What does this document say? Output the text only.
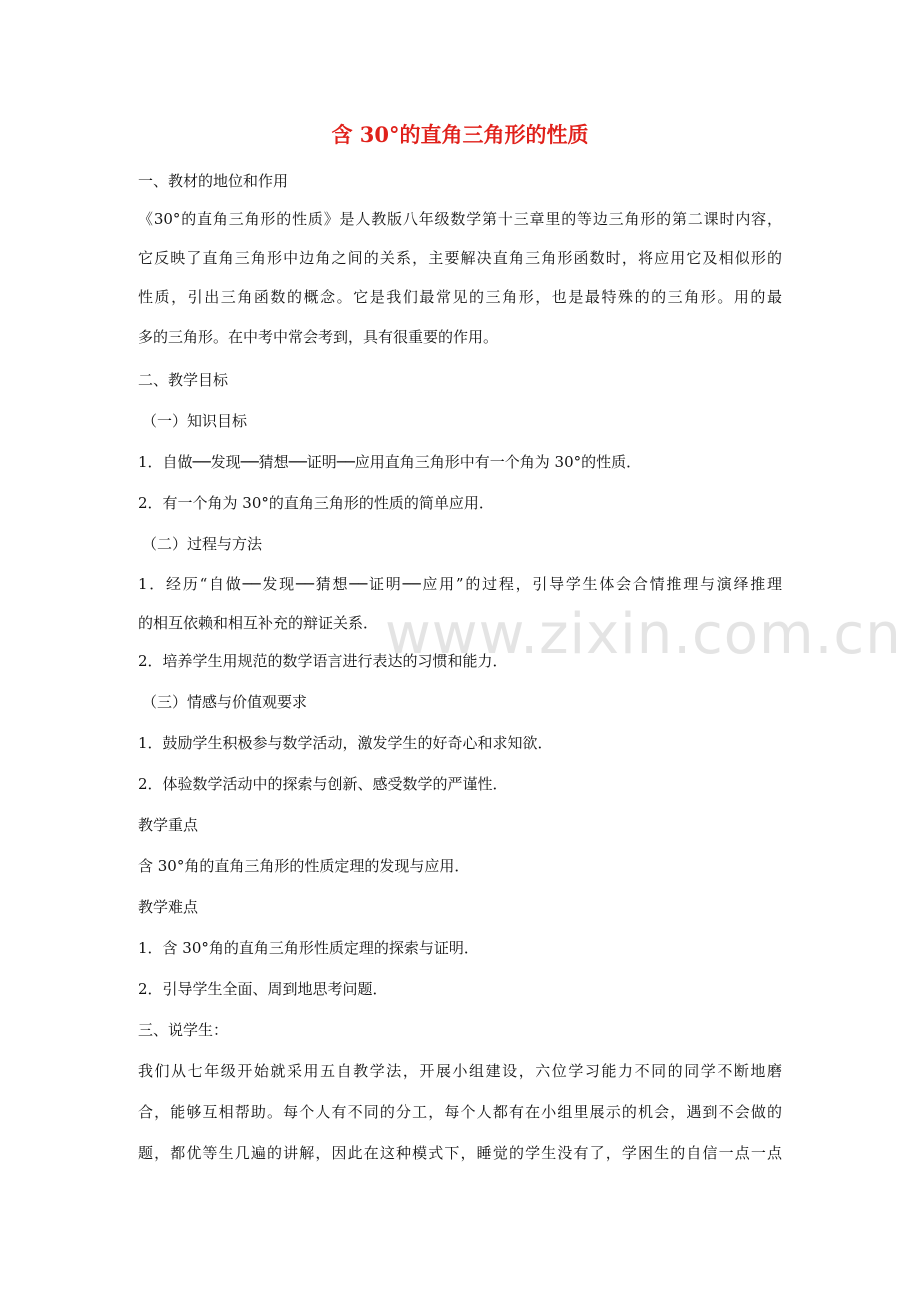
www.zixin.com.cn
含 30°的直角三角形的性质

一、教材的地位和作用

《30°的直角三角形的性质》是人教版八年级数学第十三章里的等边三角形的第二课时内容，

它反映了直角三角形中边角之间的关系，主要解决直角三角形函数时，将应用它及相似形的

性质，引出三角函数的概念。它是我们最常见的三角形，也是最特殊的的三角形。用的最

多的三角形。在中考中常会考到，具有很重要的作用。

二、教学目标

（一）知识目标

1．自做──发现──猜想──证明──应用直角三角形中有一个角为 30°的性质．

2．有一个角为 30°的直角三角形的性质的简单应用．

（二）过程与方法

1．经历“自做──发现──猜想──证明──应用”的过程，引导学生体会合情推理与演绎推理

的相互依赖和相互补充的辩证关系．

2．培养学生用规范的数学语言进行表达的习惯和能力．

（三）情感与价值观要求

1．鼓励学生积极参与数学活动，激发学生的好奇心和求知欲．

2．体验数学活动中的探索与创新、感受数学的严谨性．

教学重点

含 30°角的直角三角形的性质定理的发现与应用．

教学难点

1．含 30°角的直角三角形性质定理的探索与证明．

2．引导学生全面、周到地思考问题．

三、说学生：

我们从七年级开始就采用五自教学法，开展小组建设，六位学习能力不同的同学不断地磨

合，能够互相帮助。每个人有不同的分工，每个人都有在小组里展示的机会，遇到不会做的

题，都优等生几遍的讲解，因此在这种模式下，睡觉的学生没有了，学困生的自信一点一点
